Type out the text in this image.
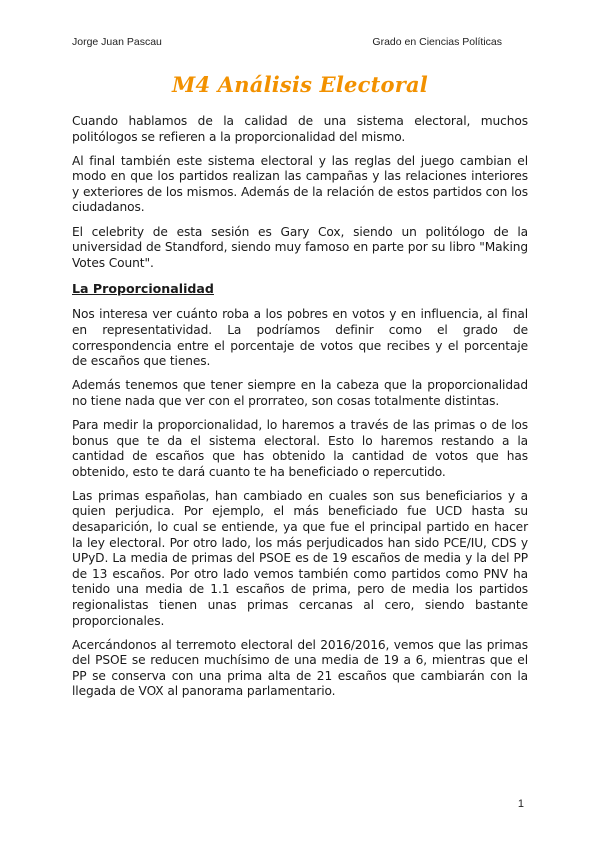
Jorge Juan Pascau	Grado en Ciencias Políticas
M4 Análisis Electoral

Cuando hablamos de la calidad de una sistema electoral, muchos politólogos se refieren a la proporcionalidad del mismo.

Al final también este sistema electoral y las reglas del juego cambian el modo en que los partidos realizan las campañas y las relaciones interiores y exteriores de los mismos. Además de la relación de estos partidos con los ciudadanos.

El celebrity de esta sesión es Gary Cox, siendo un politólogo de la universidad de Standford, siendo muy famoso en parte por su libro "Making Votes Count".

La Proporcionalidad

Nos interesa ver cuánto roba a los pobres en votos y en influencia, al final en representatividad. La podríamos definir como el grado de correspondencia entre el porcentaje de votos que recibes y el porcentaje de escaños que tienes.

Además tenemos que tener siempre en la cabeza que la proporcionalidad no tiene nada que ver con el prorrateo, son cosas totalmente distintas.

Para medir la proporcionalidad, lo haremos a través de las primas o de los bonus que te da el sistema electoral. Esto lo haremos restando a la cantidad de escaños que has obtenido la cantidad de votos que has obtenido, esto te dará cuanto te ha beneficiado o repercutido.

Las primas españolas, han cambiado en cuales son sus beneficiarios y a quien perjudica. Por ejemplo, el más beneficiado fue UCD hasta su desaparición, lo cual se entiende, ya que fue el principal partido en hacer la ley electoral. Por otro lado, los más perjudicados han sido PCE/IU, CDS y UPyD. La media de primas del PSOE es de 19 escaños de media y la del PP de 13 escaños. Por otro lado vemos también como partidos como PNV ha tenido una media de 1.1 escaños de prima, pero de media los partidos regionalistas tienen unas primas cercanas al cero, siendo bastante proporcionales.

Acercándonos al terremoto electoral del 2016/2016, vemos que las primas del PSOE se reducen muchísimo de una media de 19 a 6, mientras que el PP se conserva con una prima alta de 21 escaños que cambiarán con la llegada de VOX al panorama parlamentario.

1
